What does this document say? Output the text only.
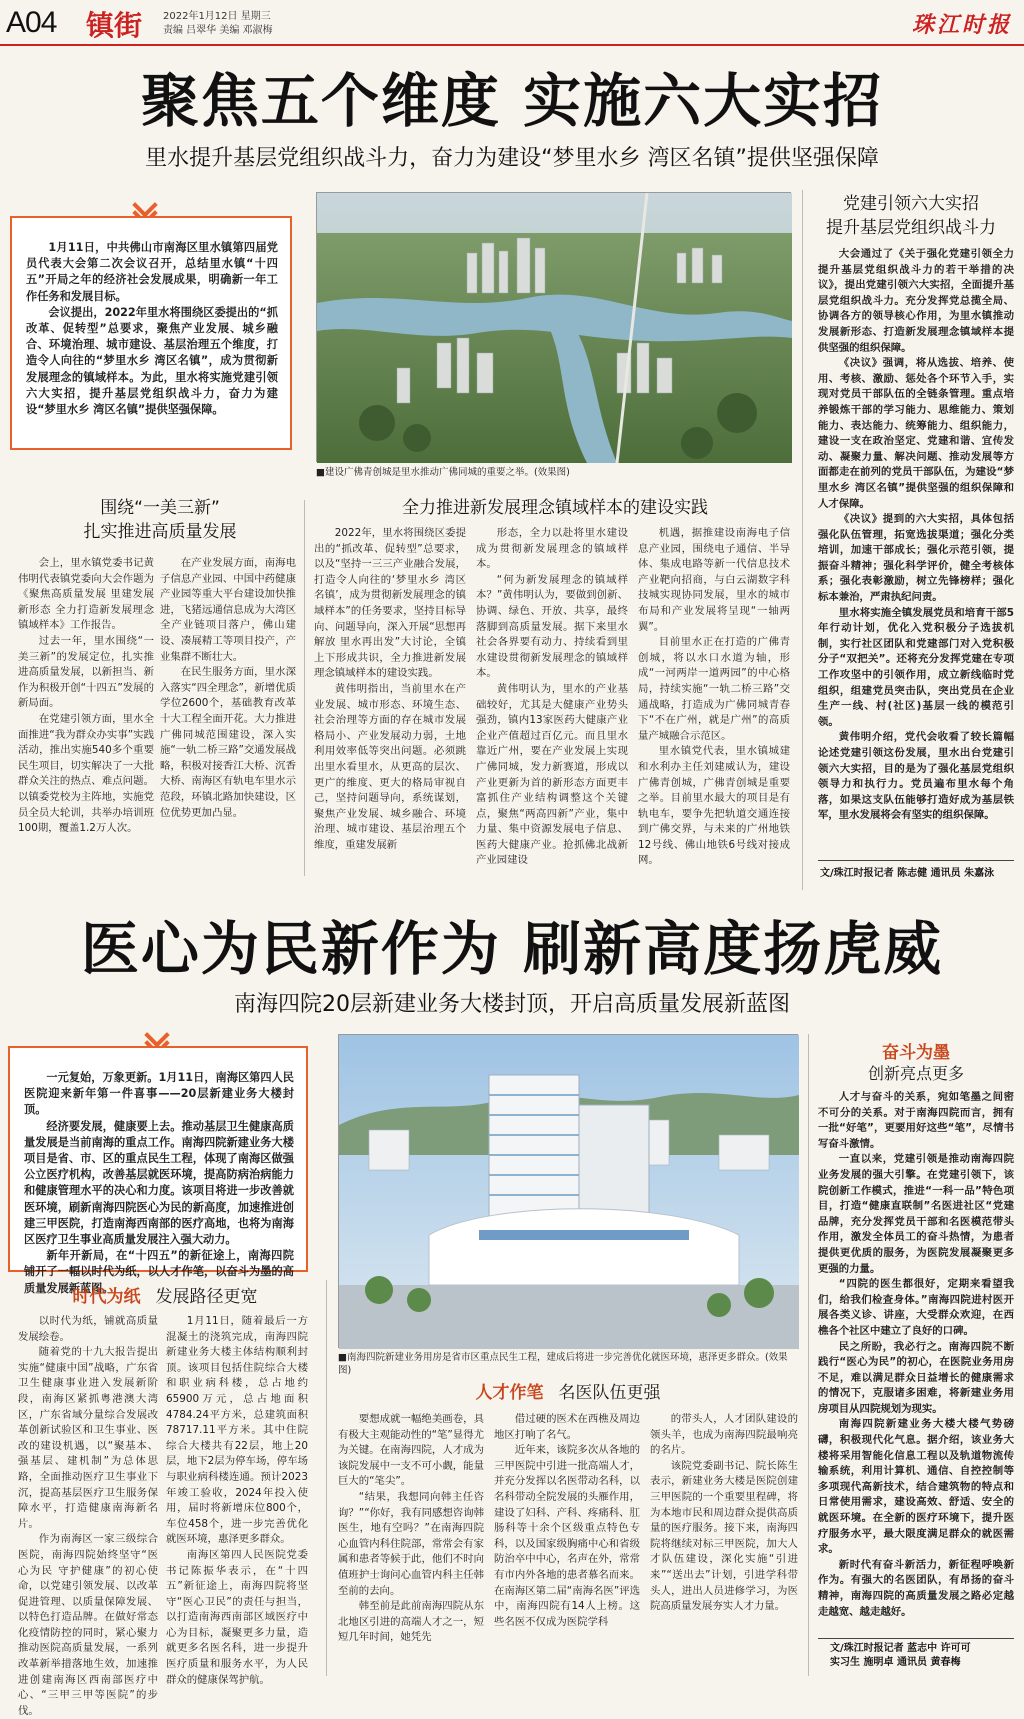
A04 镇街 2022年1月12日 星期三
责编 吕翠华 美编 邓淑梅	珠江时报
聚焦五个维度 实施六大实招
里水提升基层党组织战斗力，奋力为建设“梦里水乡 湾区名镇”提供坚强保障

1月11日，中共佛山市南海区里水镇第四届党员代表大会第二次会议召开，总结里水镇“十四五”开局之年的经济社会发展成果，明确新一年工作任务和发展目标。

会议提出，2022年里水将围绕区委提出的“抓改革、促转型”总要求，聚焦产业发展、城乡融合、环境治理、城市建设、基层治理五个维度，打造令人向往的“梦里水乡 湾区名镇”，成为贯彻新发展理念的镇域样本。为此，里水将实施党建引领六大实招，提升基层党组织战斗力，奋力为建设“梦里水乡 湾区名镇”提供坚强保障。

■建设广佛青创城是里水推动广佛同城的重要之举。(效果图)
党建引领六大实招
提升基层党组织战斗力

大会通过了《关于强化党建引领全力提升基层党组织战斗力的若干举措的决议》，提出党建引领六大实招，全面提升基层党组织战斗力。充分发挥党总揽全局、协调各方的领导核心作用，为里水镇推动发展新形态、打造新发展理念镇域样本提供坚强的组织保障。

《决议》强调，将从选拔、培养、使用、考核、激励、惩处各个环节入手，实现对党员干部队伍的全链条管理。重点培养锻炼干部的学习能力、思维能力、策划能力、表达能力、统筹能力、组织能力，建设一支在政治坚定、党建和谐、宜传发动、凝聚力量、解决问题、推动发展等方面都走在前列的党员干部队伍，为建设“梦里水乡 湾区名镇”提供坚强的组织保障和人才保障。

《决议》提到的六大实招，具体包括强化队伍管理，拓宽选拔渠道；强化分类培训，加速干部成长；强化示范引领，提振奋斗精神；强化科学评价，健全考核体系；强化表彰激励，树立先锋榜样；强化标本兼治，严肃执纪问责。

里水将实施全镇发展党员和培育干部5年行动计划，优化入党积极分子选拔机制，实行社区团队和党建部门对入党积极分子“双把关”。还将充分发挥党建在专项工作攻坚中的引领作用，成立新线临时党组织，组建党员突击队，突出党员在企业生产一线、村(社区)基层一线的模范引领。

黄伟明介绍，党代会收看了较长篇幅论述党建引领这份发展，里水出台党建引领六大实招，目的是为了强化基层党组织领导力和执行力。党员遍布里水每个角落，如果这支队伍能够打造好成为基层铁军，里水发展将会有坚实的组织保障。

文/珠江时报记者 陈志健 通讯员 朱嘉泳
围绕“一美三新”
扎实推进高质量发展
全力推进新发展理念镇域样本的建设实践

会上，里水镇党委书记黄伟明代表镇党委向大会作题为《聚焦高质量发展 里建发展新形态 全力打造新发展理念镇域样本》工作报告。

过去一年，里水围绕“一美三新”的发展定位，扎实推进高质量发展，以新担当、新作为积极开创“十四五”发展的新局面。

在党建引领方面，里水全面推进“我为群众办实事”实践活动，推出实施540多个重要民生项目，切实解决了一大批群众关注的热点、难点问题。以镇委党校为主阵地，实施党员全员大轮训，共举办培训班100期，覆盖1.2万人次。

在产业发展方面，南海电子信息产业园、中国中药健康产业园等重大平台建设加快推进，飞猪远通信息成为大湾区全产业链项目落户，佛山建设、凑展精工等项目投产，产业集群不断壮大。

在民生服务方面，里水深入落实“四全理念”，新增优质学位2600个，基础教育改革十大工程全面开花。大力推进广佛同城范围建设，深入实施“一轨二桥三路”交通发展战略，积极对接香江大桥、沉香大桥、南海区有轨电车里水示范段，环镇北路加快建设，区位优势更加凸显。

2022年，里水将围绕区委提出的“抓改革、促转型”总要求，以及“坚持一三三产业融合发展，打造令人向往的‘梦里水乡 湾区名镇’，成为贯彻新发展理念的镇域样本”的任务要求，坚持目标导向、问题导向，深入开展“思想再解放 里水再出发”大讨论，全镇上下形成共识，全力推进新发展理念镇域样本的建设实践。

黄伟明指出，当前里水在产业发展、城市形态、环境生态、社会治理等方面的存在城市发展格局小、产业发展动力弱，土地利用效率低等突出问题。必须跳出里水看里水，从更高的层次、更广的维度、更大的格局审视自己，坚持问题导向，系统谋划，聚焦产业发展、城乡融合、环境治理、城市建设、基层治理五个维度，重建发展新

形态，全力以赴将里水建设成为贯彻新发展理念的镇域样本。

“何为新发展理念的镇域样本？”黄伟明认为，要做到创新、协调、绿色、开放、共享，最终落脚到高质量发展。据下来里水社会各界要有动力、持续看到里水建设贯彻新发展理念的镇域样本。

黄伟明认为，里水的产业基础较好，尤其是大健康产业势头强劲，镇内13家医药大健康产业企业产值超过百亿元。而且里水靠近广州，要在产业发展上实现广佛同城，发力新赛道，形成以产业更新为首的新形态方面更丰富抓住产业结构调整这个关键点，聚焦“两高四新”产业，集中力量、集中资源发展电子信息、医药大健康产业。抢抓佛北战新产业园建设

机遇，据推建设南海电子信息产业园，围绕电子通信、半导体、集成电路等新一代信息技术产业靶向招商，与白云湖数字科技城实现协同发展，里水的城市布局和产业发展将呈现“一轴两翼”。

目前里水正在打造的广佛青创城，将以水口水道为轴，形成“一河两岸一道两园”的中心格局，持续实施“一轨二桥三路”交通战略，打造成为广佛同城青春下“不在广州，就是广州”的高质量产城融合示范区。

里水镇党代表，里水镇城建和水利办主任刘建威认为，建设广佛青创城，广佛青创城是重要之举。目前里水最大的项目是有轨电车，要争先把轨道交通连接到广佛交界，与未来的广州地铁12号线、佛山地铁6号线对接成网。

医心为民新作为 刷新高度扬虎威
南海四院20层新建业务大楼封顶，开启高质量发展新蓝图

一元复始，万象更新。1月11日，南海区第四人民医院迎来新年第一件喜事——20层新建业务大楼封顶。

经济要发展，健康要上去。推动基层卫生健康高质量发展是当前南海的重点工作。南海四院新建业务大楼项目是省、市、区的重点民生工程，体现了南海区做强公立医疗机构，改善基层就医环境，提高防病治病能力和健康管理水平的决心和力度。该项目将进一步改善就医环境，刷新南海四院医心为民的新高度，加速推进创建三甲医院，打造南海西南部的医疗高地，也将为南海区医疗卫生事业高质量发展注入强大动力。

新年开新局，在“十四五”的新征途上，南海四院铺开了一幅以时代为纸，以人才作笔，以奋斗为墨的高质量发展新蓝图。

■南海四院新建业务用房是省市区重点民生工程，建成后将进一步完善优化就医环境，惠泽更多群众。(效果图)
奋斗为墨
创新亮点更多

人才与奋斗的关系，宛如笔墨之间密不可分的关系。对于南海四院而言，拥有一批“好笔”，更要用好这些“笔”，尽情书写奋斗激情。

一直以来，党建引领是推动南海四院业务发展的强大引擎。在党建引领下，该院创新工作模式，推进“一科一品”特色项目，打造“健康直联制”名医进社区“党建品牌，充分发挥党员干部和名医模范带头作用，激发全体员工的奋斗热情，为患者提供更优质的服务，为医院发展凝聚更多更强的力量。

“四院的医生都很好，定期来看望我们，给我们检查身体。”南海四院进村医开展各类义诊、讲座，大受群众欢迎，在西樵各个社区中建立了良好的口碑。

民之所盼，我必行之。南海四院不断践行“医心为民”的初心，在医院业务用房不足，难以满足群众日益增长的健康需求的情况下，克服诸多困难，将新建业务用房项目从四院规划为现实。

南海四院新建业务大楼大楼气势磅礴，积极现代化气息。据介绍，该业务大楼将采用智能化信息工程以及轨道物流传输系统，利用计算机、通信、自控控制等多项现代高新技术，结合建筑物的特点和日常使用需求，建设高效、舒适、安全的就医环境。在全新的医疗环境下，提升医疗服务水平，最大限度满足群众的就医需求。

新时代有奋斗新活力，新征程呼唤新作为。有强大的名医团队，有昂扬的奋斗精神，南海四院的高质量发展之路必定越走越宽、越走越好。

文/珠江时报记者 蓝志中 许可可
实习生 施明卓 通讯员 黄春梅
时代为纸 发展路径更宽

以时代为纸，铺就高质量发展绘卷。

随着党的十九大报告提出实施“健康中国”战略，广东省卫生健康事业进入发展新阶段，南海区紧抓粤港澳大湾区，广东省域分量综合发展改革创新试验区和卫生事业、医改的建设机遇，以“聚基本、强基层、建机制”为总体思路，全面推动医疗卫生事业下沉，提高基层医疗卫生服务保障水平，打造健康南海新名片。

作为南海区一家三级综合医院，南海四院始终坚守“医心为民 守护健康”的初心使命，以党建引领发展、以改革促进管理、以质量保障发展、以特色打造品牌。在做好常态化疫情防控的同时，紧心聚力推动医院高质量发展，一系列改革新举措落地生效，加速推进创建南海区西南部医疗中心、“三甲三甲等医院”的步伐。

1月11日，随着最后一方混凝土的浇筑完成，南海四院新建业务大楼主体结构顺利封顶。该项目包括住院综合大楼和职业病科楼，总占地约65900万元，总占地面积4784.24平方米，总建筑面积78717.11平方米。其中住院综合大楼共有22层，地上20层，地下2层为停车场，停车场与职业病科楼连通。预计2023年竣工验收，2024年投入使用，届时将新增床位800个，车位458个，进一步完善优化就医环境，惠泽更多群众。

南海区第四人民医院党委书记陈振华表示，在“十四五”新征途上，南海四院将坚守“医心卫民”的责任与担当，以打造南海西南部区域医疗中心为目标，凝聚更多力量，造就更多名医名科，进一步提升医疗质量和服务水平，为人民群众的健康保驾护航。

人才作笔 名医队伍更强

要想成就一幅绝美画卷，具有极大主观能动性的“笔”显得尤为关键。在南海四院，人才成为该院发展中一支不可小觑，能量巨大的“笔尖”。

“结果，我想同向韩主任咨询？”“你好，我有同感想咨询韩医生，地有空吗？”在南海四院心血管内科住院部，常常会有家属和患者等候于此，他们不时向值班护士询问心血管内科主任韩至前的去向。

韩至前是此前南海四院从东北地区引进的高端人才之一，短短几年时间，她凭先

借过硬的医术在西樵及周边地区打响了名气。

近年来，该院多次从各地的三甲医院中引进一批高端人才，并充分发挥以名医带动名科，以名科带动全院发展的头雁作用，建设了妇科、产科、疼痛科、肛肠科等十余个区级重点特色专科，以及国家级胸痛中心和省级防治卒中中心，名声在外，常常有市内外各地的患者慕名而来。在南海区第二届“南海名医”评选中，南海四院有14人上榜。这些名医不仅成为医院学科

的带头人，人才团队建设的领头羊，也成为南海四院最响亮的名片。

该院党委副书记、院长陈生表示，新建业务大楼是医院创建三甲医院的一个重要里程碑，将为本地市民和周边群众提供高质量的医疗服务。接下来，南海四院将继续对标三甲医院，加大人才队伍建设，深化实施“引进来”“送出去”计划，引进学科带头人，进出人员进修学习，为医院高质量发展夯实人才力量。
